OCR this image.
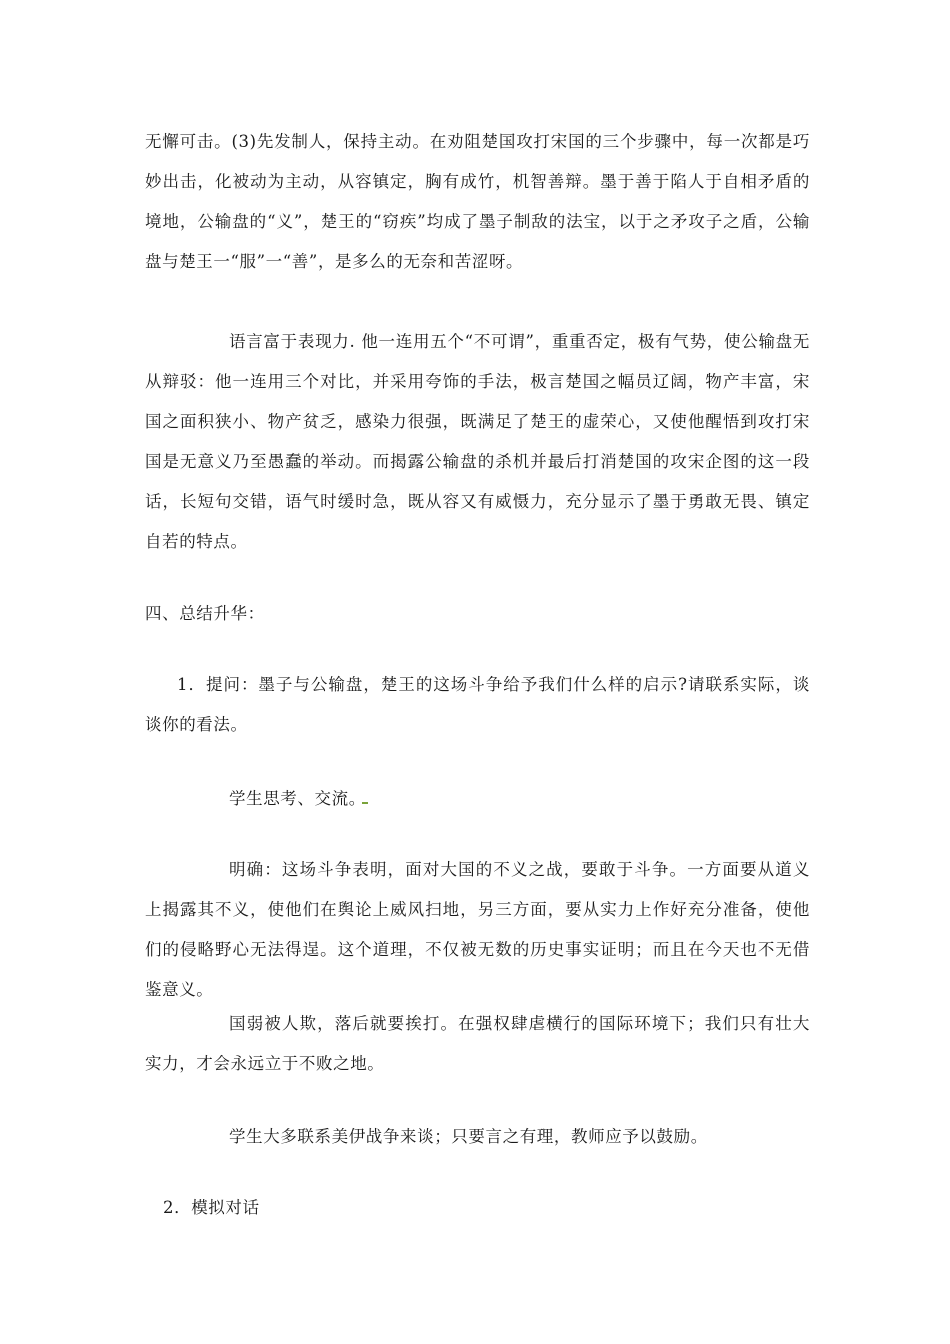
无懈可击。(3)先发制人，保持主动。在劝阻楚国攻打宋国的三个步骤中，每一次都是巧妙出击，化被动为主动，从容镇定，胸有成竹，机智善辩。墨于善于陷人于自相矛盾的境地，公输盘的“义”，楚王的“窃疾”均成了墨子制敌的法宝，以于之矛攻子之盾，公输盘与楚王一“服”一“善”，是多么的无奈和苦涩呀。

语言富于表现力. 他一连用五个“不可谓”，重重否定，极有气势，使公输盘无从辩驳：他一连用三个对比，并采用夸饰的手法，极言楚国之幅员辽阔，物产丰富，宋国之面积狭小、物产贫乏，感染力很强，既满足了楚王的虚荣心，又使他醒悟到攻打宋国是无意义乃至愚蠢的举动。而揭露公输盘的杀机并最后打消楚国的攻宋企图的这一段话，长短句交错，语气时缓时急，既从容又有威慑力，充分显示了墨于勇敢无畏、镇定自若的特点。

四、总结升华：

1．提问：墨子与公输盘，楚王的这场斗争给予我们什么样的启示?请联系实际，谈谈你的看法。

学生思考、交流。

明确：这场斗争表明，面对大国的不义之战，要敢于斗争。一方面要从道义上揭露其不义，使他们在舆论上威风扫地，另三方面，要从实力上作好充分准备，使他们的侵略野心无法得逞。这个道理，不仅被无数的历史事实证明；而且在今天也不无借鉴意义。

国弱被人欺，落后就要挨打。在强权肆虐横行的国际环境下；我们只有壮大实力，才会永远立于不败之地。

学生大多联系美伊战争来谈；只要言之有理，教师应予以鼓励。

2．模拟对话
